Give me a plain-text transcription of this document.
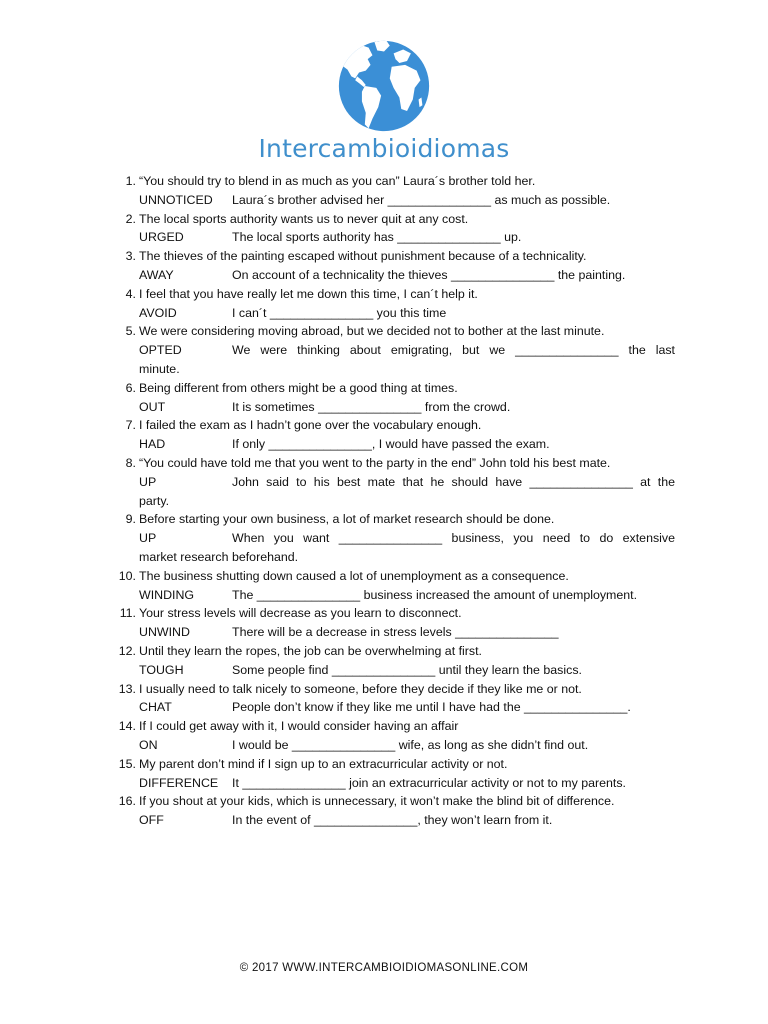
Intercambioidiomas
1. “You should try to blend in as much as you can” Laura´s brother told her.
UNNOTICED Laura´s brother advised her _______________ as much as possible.
2. The local sports authority wants us to never quit at any cost.
URGED	The local sports authority has _______________ up.
3. The thieves of the painting escaped without punishment because of a technicality.
AWAY	On account of a technicality the thieves _______________ the painting.
4. I feel that you have really let me down this time, I can´t help it.
AVOID	I can´t _______________ you this time
5. We were considering moving abroad, but we decided not to bother at the last minute.
OPTED	We were thinking about emigrating, but we _______________ the last
minute.
6. Being different from others might be a good thing at times.
OUT	It is sometimes _______________ from the crowd.
7. I failed the exam as I hadn’t gone over the vocabulary enough.
HAD	If only _______________, I would have passed the exam.
8. “You could have told me that you went to the party in the end” John told his best mate.
UP	John said to his best mate that he should have _______________ at the
party.
9. Before starting your own business, a lot of market research should be done.
UP	When you want _______________ business, you need to do extensive
market research beforehand.
10. The business shutting down caused a lot of unemployment as a consequence.
WINDING	The _______________ business increased the amount of unemployment.
11. Your stress levels will decrease as you learn to disconnect.
UNWIND	There will be a decrease in stress levels _______________
12. Until they learn the ropes, the job can be overwhelming at first.
TOUGH	Some people find _______________ until they learn the basics.
13. I usually need to talk nicely to someone, before they decide if they like me or not.
CHAT	People don’t know if they like me until I have had the _______________.
14. If I could get away with it, I would consider having an affair
ON	I would be _______________ wife, as long as she didn’t find out.
15. My parent don’t mind if I sign up to an extracurricular activity or not.
DIFFERENCE It _______________ join an extracurricular activity or not to my parents.
16. If you shout at your kids, which is unnecessary, it won’t make the blind bit of difference.
OFF	In the event of _______________, they won’t learn from it.
© 2017 WWW.INTERCAMBIOIDIOMASONLINE.COM
